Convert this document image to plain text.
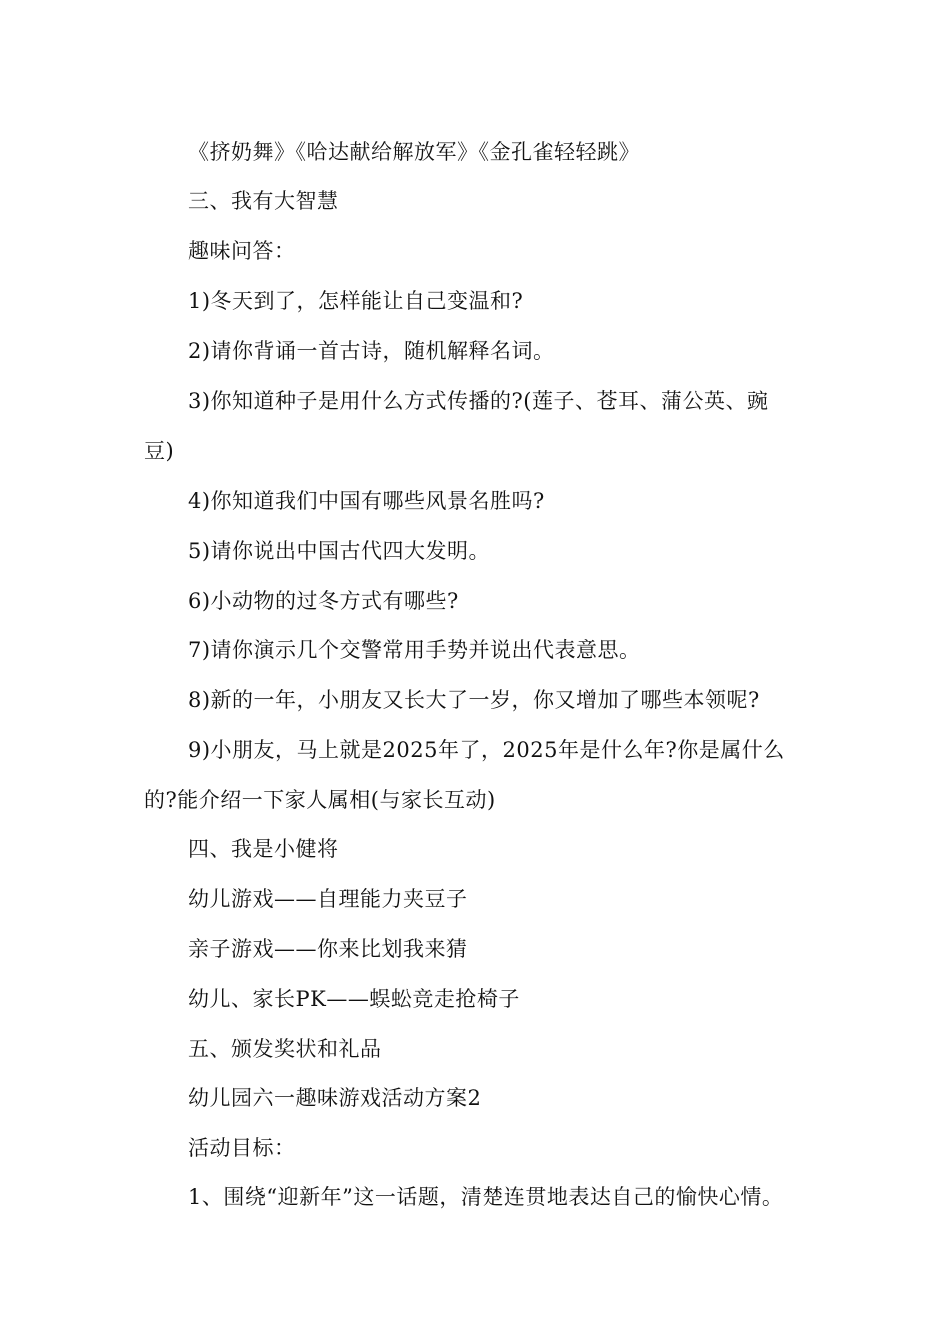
《挤奶舞》《哈达献给解放军》《金孔雀轻轻跳》
三、我有大智慧
趣味问答：
1)冬天到了，怎样能让自己变温和?
2)请你背诵一首古诗，随机解释名词。
3)你知道种子是用什么方式传播的?(莲子、苍耳、蒲公英、豌
豆)
4)你知道我们中国有哪些风景名胜吗?
5)请你说出中国古代四大发明。
6)小动物的过冬方式有哪些?
7)请你演示几个交警常用手势并说出代表意思。
8)新的一年，小朋友又长大了一岁，你又增加了哪些本领呢?
9)小朋友，马上就是2025年了，2025年是什么年?你是属什么
的?能介绍一下家人属相(与家长互动)
四、我是小健将
幼儿游戏——自理能力夹豆子
亲子游戏——你来比划我来猜
幼儿、家长PK——蜈蚣竞走抢椅子
五、颁发奖状和礼品
幼儿园六一趣味游戏活动方案2
活动目标：
1、围绕“迎新年”这一话题，清楚连贯地表达自己的愉快心情。
